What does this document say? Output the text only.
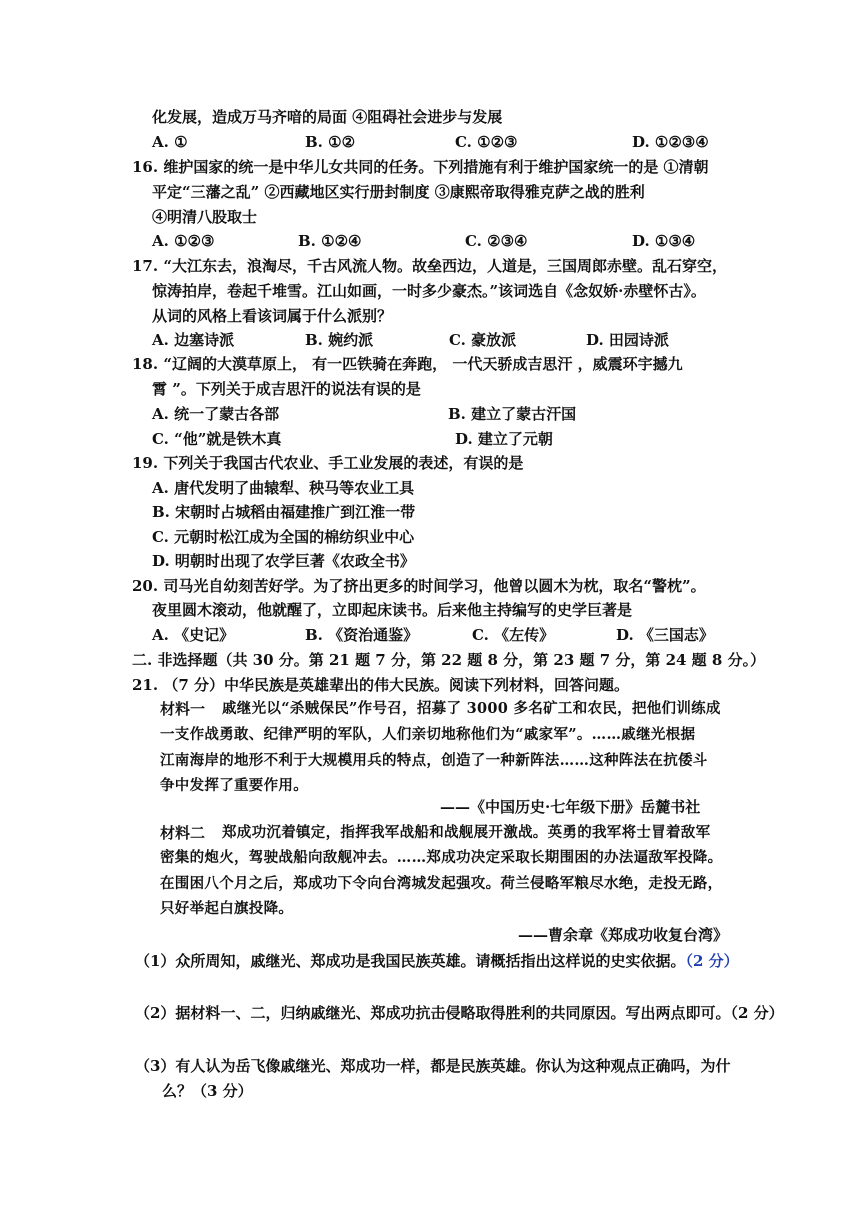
化发展，造成万马齐喑的局面 ④阻碍社会进步与发展
A. ①	B. ①②	C. ①②③	D. ①②③④
16. 维护国家的统一是中华儿女共同的任务。下列措施有利于维护国家统一的是 ①清朝
平定“三藩之乱” ②西藏地区实行册封制度 ③康熙帝取得雅克萨之战的胜利
④明清八股取士
A. ①②③	B. ①②④	C. ②③④	D. ①③④
17. “大江东去，浪淘尽，千古风流人物。故垒西边，人道是，三国周郎赤壁。乱石穿空，
惊涛拍岸，卷起千堆雪。江山如画，一时多少豪杰。”该词选自《念奴娇·赤壁怀古》。
从词的风格上看该词属于什么派别？
A. 边塞诗派	B. 婉约派	C. 豪放派	D. 田园诗派
18. “辽阔的大漠草原上， 有一匹铁骑在奔跑， 一代天骄成吉思汗 ，威震环宇撼九
霄 ”。下列关于成吉思汗的说法有误的是
A. 统一了蒙古各部	B. 建立了蒙古汗国
C. “他”就是铁木真	D. 建立了元朝
19. 下列关于我国古代农业、手工业发展的表述，有误的是
A. 唐代发明了曲辕犁、秧马等农业工具
B. 宋朝时占城稻由福建推广到江淮一带
C. 元朝时松江成为全国的棉纺织业中心
D. 明朝时出现了农学巨著《农政全书》
20. 司马光自幼刻苦好学。为了挤出更多的时间学习，他曾以圆木为枕，取名“警枕”。
夜里圆木滚动，他就醒了，立即起床读书。后来他主持编写的史学巨著是
A. 《史记》	B. 《资治通鉴》	C. 《左传》	D. 《三国志》
二. 非选择题（共 30 分。第 21 题 7 分，第 22 题 8 分，第 23 题 7 分，第 24 题 8 分。）
21. （7 分）中华民族是英雄辈出的伟大民族。阅读下列材料，回答问题。
材料一 戚继光以“杀贼保民”作号召，招募了 3000 多名矿工和农民，把他们训练成
一支作战勇敢、纪律严明的军队，人们亲切地称他们为“戚家军”。……戚继光根据
江南海岸的地形不利于大规模用兵的特点，创造了一种新阵法……这种阵法在抗倭斗
争中发挥了重要作用。
——《中国历史·七年级下册》岳麓书社
材料二 郑成功沉着镇定，指挥我军战船和战舰展开激战。英勇的我军将士冒着敌军
密集的炮火，驾驶战船向敌舰冲去。……郑成功决定采取长期围困的办法逼敌军投降。
在围困八个月之后，郑成功下令向台湾城发起强攻。荷兰侵略军粮尽水绝，走投无路，
只好举起白旗投降。
——曹余章《郑成功收复台湾》
（1）众所周知，戚继光、郑成功是我国民族英雄。请概括指出这样说的史实依据。（2 分）
（2）据材料一、二，归纳戚继光、郑成功抗击侵略取得胜利的共同原因。写出两点即可。（2 分）
（3）有人认为岳飞像戚继光、郑成功一样，都是民族英雄。你认为这种观点正确吗，为什
么？（3 分）
